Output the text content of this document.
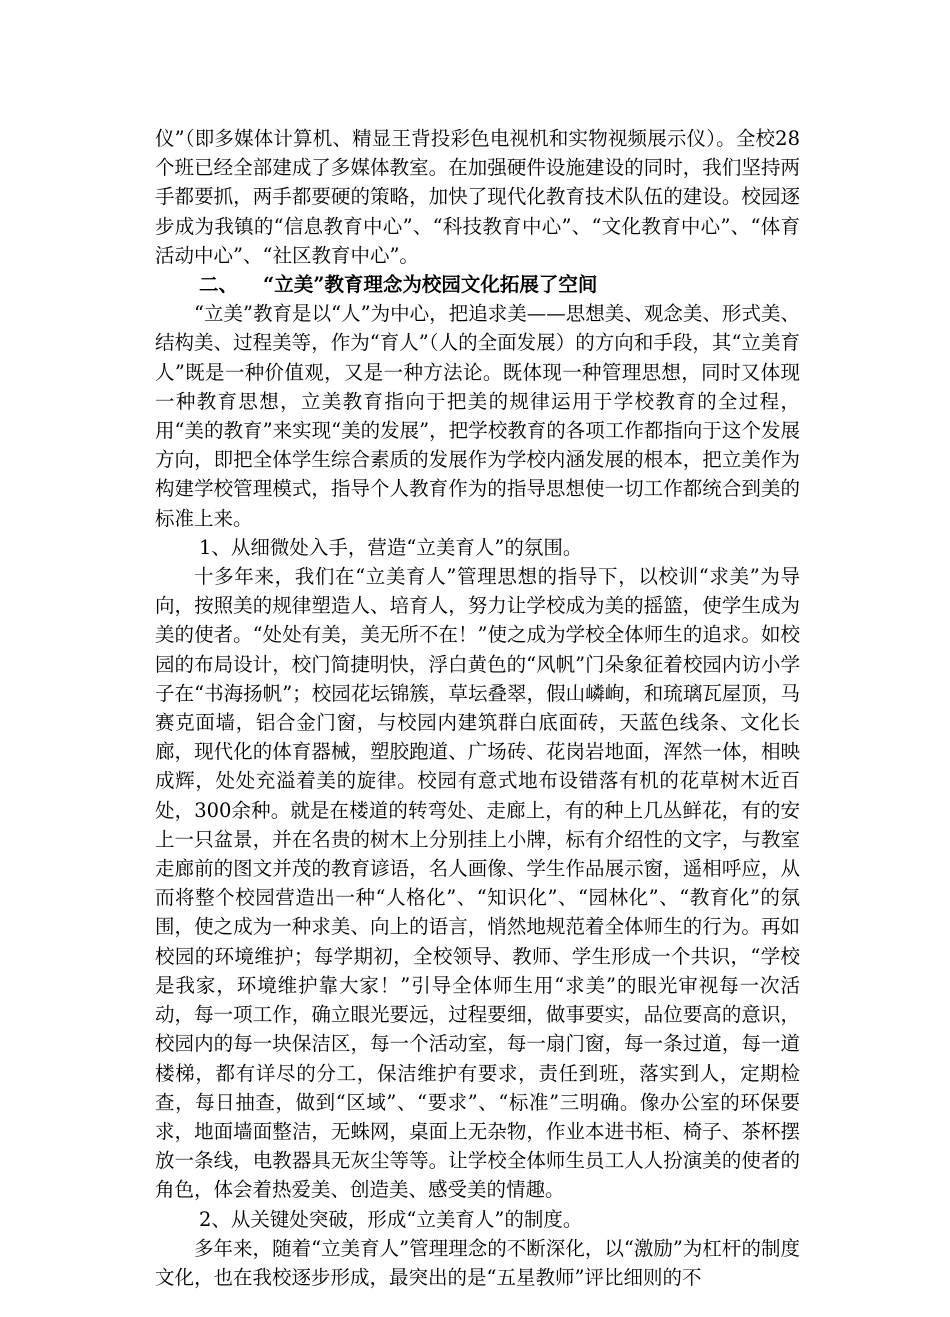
仪”（即多媒体计算机、精显王背投彩色电视机和实物视频展示仪）。全校28个班已经全部建成了多媒体教室。在加强硬件设施建设的同时，我们坚持两手都要抓，两手都要硬的策略，加快了现代化教育技术队伍的建设。校园逐步成为我镇的“信息教育中心”、“科技教育中心”、“文化教育中心”、“体育活动中心”、“社区教育中心”。

二、 “立美”教育理念为校园文化拓展了空间

“立美”教育是以“人”为中心，把追求美——思想美、观念美、形式美、结构美、过程美等，作为“育人”（人的全面发展）的方向和手段，其“立美育人”既是一种价值观，又是一种方法论。既体现一种管理思想，同时又体现一种教育思想，立美教育指向于把美的规律运用于学校教育的全过程，用“美的教育”来实现“美的发展”，把学校教育的各项工作都指向于这个发展方向，即把全体学生综合素质的发展作为学校内涵发展的根本，把立美作为构建学校管理模式，指导个人教育作为的指导思想使一切工作都统合到美的标准上来。

1、从细微处入手，营造“立美育人”的氛围。

十多年来，我们在“立美育人”管理思想的指导下，以校训“求美”为导向，按照美的规律塑造人、培育人，努力让学校成为美的摇篮，使学生成为美的使者。“处处有美，美无所不在！”使之成为学校全体师生的追求。如校园的布局设计，校门简捷明快，浮白黄色的“风帆”门朵象征着校园内访小学子在“书海扬帆”；校园花坛锦簇，草坛叠翠，假山嶙峋，和琉璃瓦屋顶，马赛克面墙，铝合金门窗，与校园内建筑群白底面砖，天蓝色线条、文化长廊，现代化的体育器械，塑胶跑道、广场砖、花岗岩地面，浑然一体，相映成辉，处处充溢着美的旋律。校园有意式地布设错落有机的花草树木近百处，300余种。就是在楼道的转弯处、走廊上，有的种上几丛鲜花，有的安上一只盆景，并在名贵的树木上分别挂上小牌，标有介绍性的文字，与教室走廊前的图文并茂的教育谚语，名人画像、学生作品展示窗，遥相呼应，从而将整个校园营造出一种“人格化”、“知识化”、“园林化”、“教育化”的氛围，使之成为一种求美、向上的语言，悄然地规范着全体师生的行为。再如校园的环境维护；每学期初，全校领导、教师、学生形成一个共识，“学校是我家，环境维护靠大家！”引导全体师生用“求美”的眼光审视每一次活动，每一项工作，确立眼光要远，过程要细，做事要实，品位要高的意识，校园内的每一块保洁区，每一个活动室，每一扇门窗，每一条过道，每一道楼梯，都有详尽的分工，保洁维护有要求，责任到班，落实到人，定期检查，每日抽查，做到“区域”、“要求”、“标准”三明确。像办公室的环保要求，地面墙面整洁，无蛛网，桌面上无杂物，作业本进书柜、椅子、茶杯摆放一条线，电教器具无灰尘等等。让学校全体师生员工人人扮演美的使者的角色，体会着热爱美、创造美、感受美的情趣。

2、从关键处突破，形成“立美育人”的制度。

多年来，随着“立美育人”管理理念的不断深化，以“激励”为杠杆的制度文化，也在我校逐步形成，最突出的是“五星教师”评比细则的不
